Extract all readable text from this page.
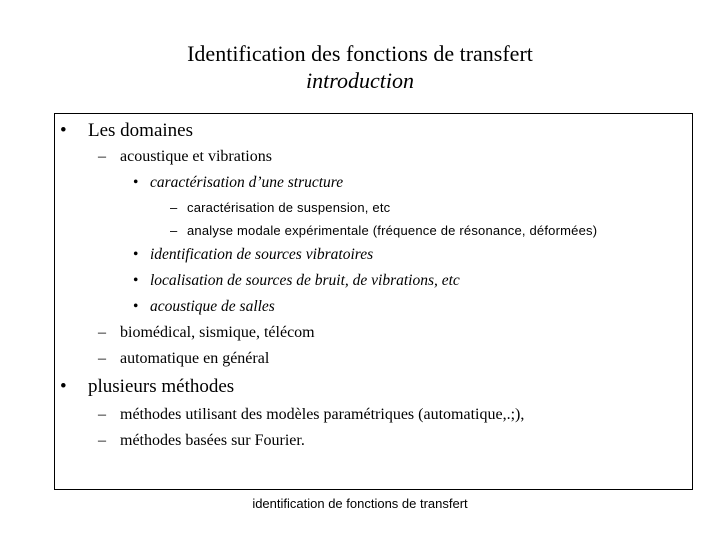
Identification des fonctions de transfert
introduction
• Les domaines
– acoustique et vibrations
• caractérisation d’une structure
– caractérisation de suspension, etc
– analyse modale expérimentale (fréquence de résonance, déformées)
• identification de sources vibratoires
• localisation de sources de bruit, de vibrations, etc
• acoustique de salles
– biomédical, sismique, télécom
– automatique en général
• plusieurs méthodes
– méthodes utilisant des modèles paramétriques (automatique,.;),
– méthodes basées sur Fourier.
identification de fonctions de transfert
